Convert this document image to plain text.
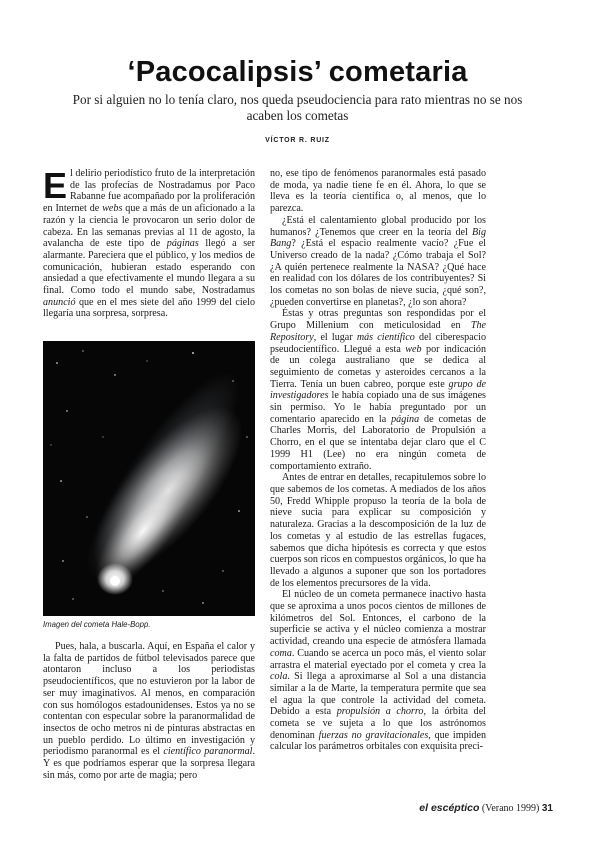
‘Pacocalipsis’ cometaria
Por si alguien no lo tenía claro, nos queda pseudociencia para rato mientras no se nos acaben los cometas
VÍCTOR R. RUIZ

El delirio periodístico fruto de la interpretación de las profecías de Nostradamus por Paco Rabanne fue acompañado por la proliferación en Internet de webs que a más de un aficionado a la razón y la ciencia le provocaron un serio dolor de cabeza. En las semanas previas al 11 de agosto, la avalancha de este tipo de páginas llegó a ser alarmante. Pareciera que el público, y los medios de comunicación, hubieran estado esperando con ansiedad a que efectivamente el mundo llegara a su final. Como todo el mundo sabe, Nostradamus anunció que en el mes siete del año 1999 del cielo llegaría una sorpresa, sorpresa.

Imagen del cometa Hale-Bopp.

Pues, hala, a buscarla. Aquí, en España el calor y la falta de partidos de fútbol televisados parece que atontaron incluso a los periodistas pseudocientíficos, que no estuvieron por la labor de ser muy imaginativos. Al menos, en comparación con sus homólogos estadounidenses. Estos ya no se contentan con especular sobre la paranormalidad de insectos de ocho metros ni de pinturas abstractas en un pueblo perdido. Lo último en investigación y periodismo paranormal es el científico paranormal. Y es que podríamos esperar que la sorpresa llegara sin más, como por arte de magia; pero

no, ese tipo de fenómenos paranormales está pasado de moda, ya nadie tiene fe en él. Ahora, lo que se lleva es la teoría científica o, al menos, que lo parezca.

¿Está el calentamiento global producido por los humanos? ¿Tenemos que creer en la teoría del Big Bang? ¿Está el espacio realmente vacío? ¿Fue el Universo creado de la nada? ¿Cómo trabaja el Sol? ¿A quién pertenece realmente la NASA? ¿Qué hace en realidad con los dólares de los contribuyentes? Si los cometas no son bolas de nieve sucia, ¿qué son?, ¿pueden convertirse en planetas?, ¿lo son ahora?

Éstas y otras preguntas son respondidas por el Grupo Millenium con meticulosidad en The Repository, el lugar más científico del ciberespacio pseudocientífico. Llegué a esta web por indicación de un colega australiano que se dedica al seguimiento de cometas y asteroides cercanos a la Tierra. Tenía un buen cabreo, porque este grupo de investigadores le había copiado una de sus imágenes sin permiso. Yo le había preguntado por un comentario aparecido en la página de cometas de Charles Morris, del Laboratorio de Propulsión a Chorro, en el que se intentaba dejar claro que el C 1999 H1 (Lee) no era ningún cometa de comportamiento extraño.

Antes de entrar en detalles, recapitulemos sobre lo que sabemos de los cometas. A mediados de los años 50, Fredd Whipple propuso la teoría de la bola de nieve sucia para explicar su composición y naturaleza. Gracias a la descomposición de la luz de los cometas y al estudio de las estrellas fugaces, sabemos que dicha hipótesis es correcta y que estos cuerpos son ricos en compuestos orgánicos, lo que ha llevado a algunos a suponer que son los portadores de los elementos precursores de la vida.

El núcleo de un cometa permanece inactivo hasta que se aproxima a unos pocos cientos de millones de kilómetros del Sol. Entonces, el carbono de la superficie se activa y el núcleo comienza a mostrar actividad, creando una especie de atmósfera llamada coma. Cuando se acerca un poco más, el viento solar arrastra el material eyectado por el cometa y crea la cola. Si llega a aproximarse al Sol a una distancia similar a la de Marte, la temperatura permite que sea el agua la que controle la actividad del cometa. Debido a esta propulsión a chorro, la órbita del cometa se ve sujeta a lo que los astrónomos denominan fuerzas no gravitacionales, que impiden calcular los parámetros orbitales con exquisita preci-

el escéptico (Verano 1999) 31
